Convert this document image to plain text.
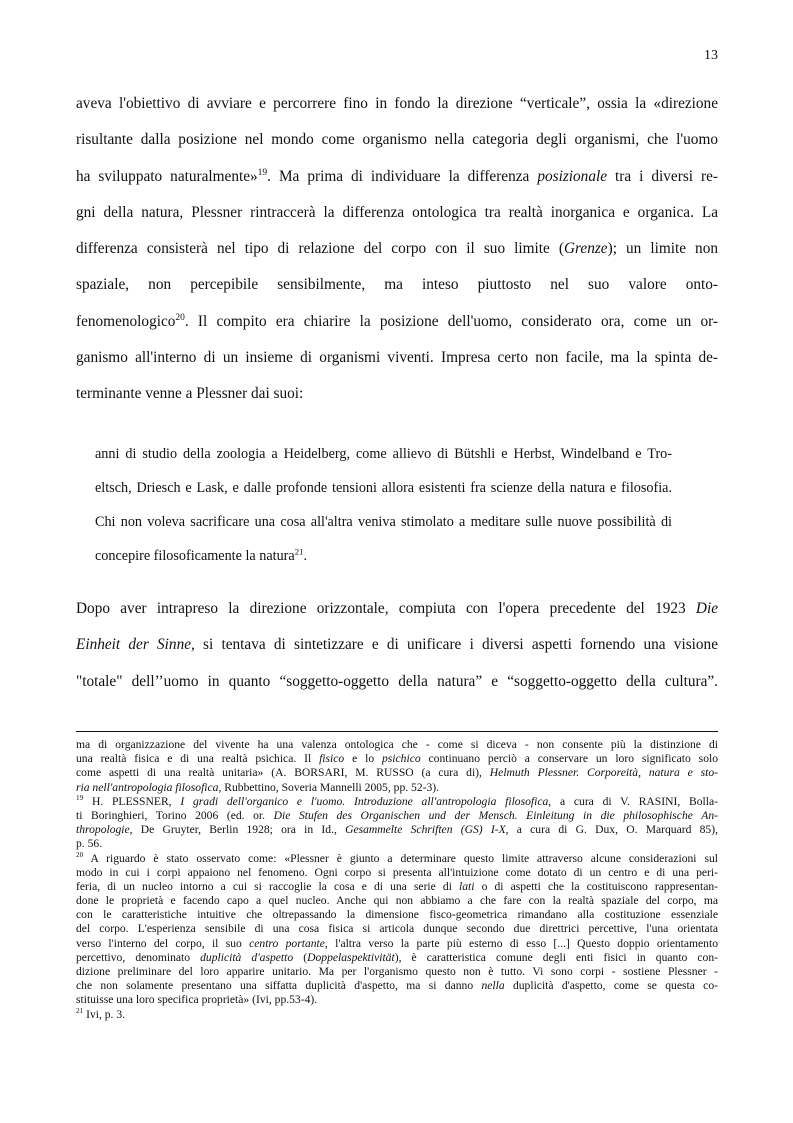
13
aveva l'obiettivo di avviare e percorrere fino in fondo la direzione “verticale”, ossia la «direzione
risultante dalla posizione nel mondo come organismo nella categoria degli organismi, che l'uomo
ha sviluppato naturalmente»$^{19}$. Ma prima di individuare la differenza posizionale tra i diversi re-
gni della natura, Plessner rintraccerà la differenza ontologica tra realtà inorganica e organica. La
differenza consisterà nel tipo di relazione del corpo con il suo limite (Grenze); un limite non
spaziale, non percepibile sensibilmente, ma inteso piuttosto nel suo valore onto-
fenomenologico$^{20}$. Il compito era chiarire la posizione dell'uomo, considerato ora, come un or-
ganismo all'interno di un insieme di organismi viventi. Impresa certo non facile, ma la spinta de-
terminante venne a Plessner dai suoi:
anni di studio della zoologia a Heidelberg, come allievo di Bütshli e Herbst, Windelband e Tro-
eltsch, Driesch e Lask, e dalle profonde tensioni allora esistenti fra scienze della natura e filosofia.
Chi non voleva sacrificare una cosa all'altra veniva stimolato a meditare sulle nuove possibilità di
concepire filosoficamente la natura$^{21}$.
Dopo aver intrapreso la direzione orizzontale, compiuta con l'opera precedente del 1923 Die
Einheit der Sinne, si tentava di sintetizzare e di unificare i diversi aspetti fornendo una visione
"totale" dell’’uomo in quanto “soggetto-oggetto della natura” e “soggetto-oggetto della cultura”.
ma di organizzazione del vivente ha una valenza ontologica che - come si diceva - non consente più la distinzione di
una realtà fisica e di una realtà psichica. Il fisico e lo psichico continuano perciò a conservare un loro significato solo
come aspetti di una realtà unitaria» (A. BORSARI, M. RUSSO (a cura di), Helmuth Plessner. Corporeità, natura e sto-
ria nell'antropologia filosofica, Rubbettino, Soveria Mannelli 2005, pp. 52-3).
$^{19}$ H. PLESSNER, I gradi dell'organico e l'uomo. Introduzione all'antropologia filosofica, a cura di V. RASINI, Bolla-
ti Boringhieri, Torino 2006 (ed. or. Die Stufen des Organischen und der Mensch. Einleitung in die philosophische An-
thropologie, De Gruyter, Berlin 1928; ora in Id., Gesammelte Schriften (GS) I-X, a cura di G. Dux, O. Marquard 85),
p. 56.
$^{20}$ A riguardo è stato osservato come: «Plessner è giunto a determinare questo limite attraverso alcune considerazioni sul
modo in cui i corpi appaiono nel fenomeno. Ogni corpo si presenta all'intuizione come dotato di un centro e di una peri-
feria, di un nucleo intorno a cui si raccoglie la cosa e di una serie di lati o di aspetti che la costituiscono rappresentan-
done le proprietà e facendo capo a quel nucleo. Anche qui non abbiamo a che fare con la realtà spaziale del corpo, ma
con le caratteristiche intuitive che oltrepassando la dimensione fisco-geometrica rimandano alla costituzione essenziale
del corpo. L'esperienza sensibile di una cosa fisica si articola dunque secondo due direttrici percettive, l'una orientata
verso l'interno del corpo, il suo centro portante, l'altra verso la parte più esterno di esso [...] Questo doppio orientamento
percettivo, denominato duplicità d'aspetto (Doppelaspektivität), è caratteristica comune degli enti fisici in quanto con-
dizione preliminare del loro apparire unitario. Ma per l'organismo questo non è tutto. Vi sono corpi - sostiene Plessner -
che non solamente presentano una siffatta duplicità d'aspetto, ma si danno nella duplicità d'aspetto, come se questa co-
stituisse una loro specifica proprietà» (Ivi, pp.53-4).
$^{21}$ Ivi, p. 3.
